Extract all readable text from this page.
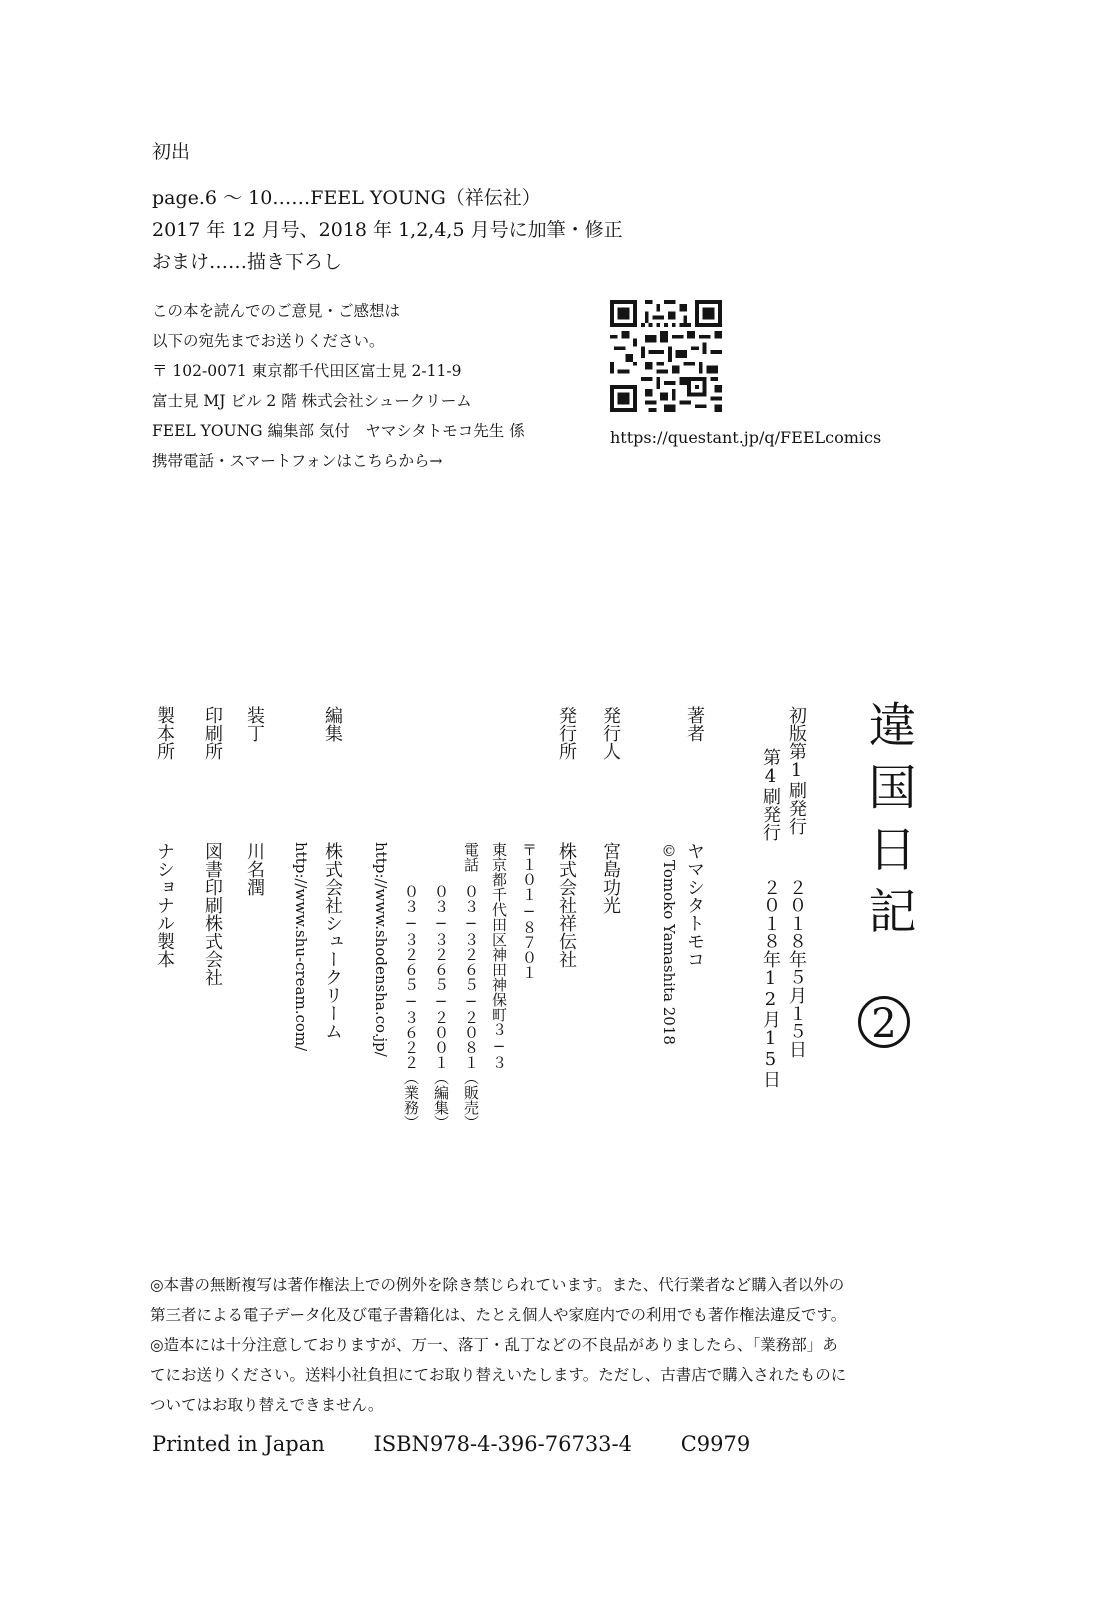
初出
page.6 ～ 10……FEEL YOUNG（祥伝社）
2017 年 12 月号、2018 年 1,2,4,5 月号に加筆・修正
おまけ……描き下ろし
この本を読んでのご意見・ご感想は
以下の宛先までお送りください。
〒 102-0071 東京都千代田区富士見 2-11-9
富士見 MJ ビル 2 階 株式会社シュークリーム
FEEL YOUNG 編集部 気付　ヤマシタトモコ先生 係
携帯電話・スマートフォンはこちらから→
https://questant.jp/q/FEELcomics
違国日記
2
初版第1刷発行
２０１８年５月１５日
第4刷発行
２０１８年12月15日
著者
ヤマシタトモコ
©Tomoko Yamashita 2018
発行人
宮島功光
発行所
株式会社祥伝社
〒１０１−８７０１
東京都千代田区神田神保町３−３
電話
０３−３２６５−２０８１（販売）
０３−３２６５−２００１（編集）
０３−３２６５−３６２２（業務）
http://www.shodensha.co.jp/
編集
株式会社シュークリーム
http://www.shu-cream.com/
装丁
川名潤
印刷所
図書印刷株式会社
製本所
ナショナル製本
◎本書の無断複写は著作権法上での例外を除き禁じられています。また、代行業者など購入者以外の
第三者による電子データ化及び電子書籍化は、たとえ個人や家庭内での利用でも著作権法違反です。
◎造本には十分注意しておりますが、万一、落丁・乱丁などの不良品がありましたら、「業務部」あ
てにお送りください。送料小社負担にてお取り替えいたします。ただし、古書店で購入されたものに
ついてはお取り替えできません。
Printed in Japan ISBN978-4-396-76733-4 C9979
